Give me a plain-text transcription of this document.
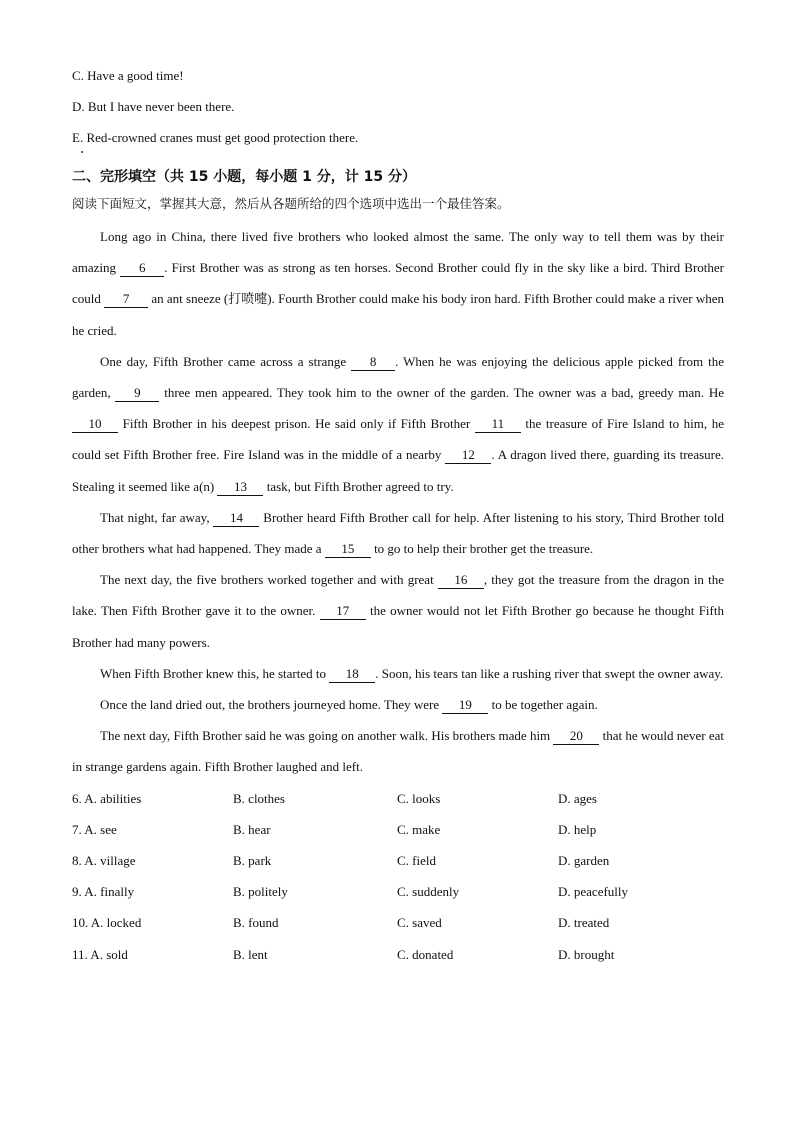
C. Have a good time!
D. But I have never been there.
E. Red-crowned cranes must get good protection there.
二、完形填空（共 15 小题，每小题 1 分，计 15 分）
阅读下面短文，掌握其大意，然后从各题所给的四个选项中选出一个最佳答案。

Long ago in China, there lived five brothers who looked almost the same. The only way to tell them was by their amazing 6 . First Brother was as strong as ten horses. Second Brother could fly in the sky like a bird. Third Brother could 7 an ant sneeze (打喷嚏). Fourth Brother could make his body iron hard. Fifth Brother could make a river when he cried.

One day, Fifth Brother came across a strange 8 . When he was enjoying the delicious apple picked from the garden, 9 three men appeared. They took him to the owner of the garden. The owner was a bad, greedy man. He 10 Fifth Brother in his deepest prison. He said only if Fifth Brother 11 the treasure of Fire Island to him, he could set Fifth Brother free. Fire Island was in the middle of a nearby 12 . A dragon lived there, guarding its treasure. Stealing it seemed like a(n) 13 task, but Fifth Brother agreed to try.

That night, far away, 14 Brother heard Fifth Brother call for help. After listening to his story, Third Brother told other brothers what had happened. They made a 15 to go to help their brother get the treasure.

The next day, the five brothers worked together and with great 16 , they got the treasure from the dragon in the lake. Then Fifth Brother gave it to the owner. 17 the owner would not let Fifth Brother go because he thought Fifth Brother had many powers.

When Fifth Brother knew this, he started to 18 . Soon, his tears tan like a rushing river that swept the owner away.

Once the land dried out, the brothers journeyed home. They were 19 to be together again.

The next day, Fifth Brother said he was going on another walk. His brothers made him 20 that he would never eat in strange gardens again. Fifth Brother laughed and left.

6. A. abilities	B. clothes	C. looks	D. ages
7. A. see	B. hear	C. make	D. help
8. A. village	B. park	C. field	D. garden
9. A. finally	B. politely	C. suddenly	D. peacefully
10. A. locked	B. found	C. saved	D. treated
11. A. sold	B. lent	C. donated	D. brought
